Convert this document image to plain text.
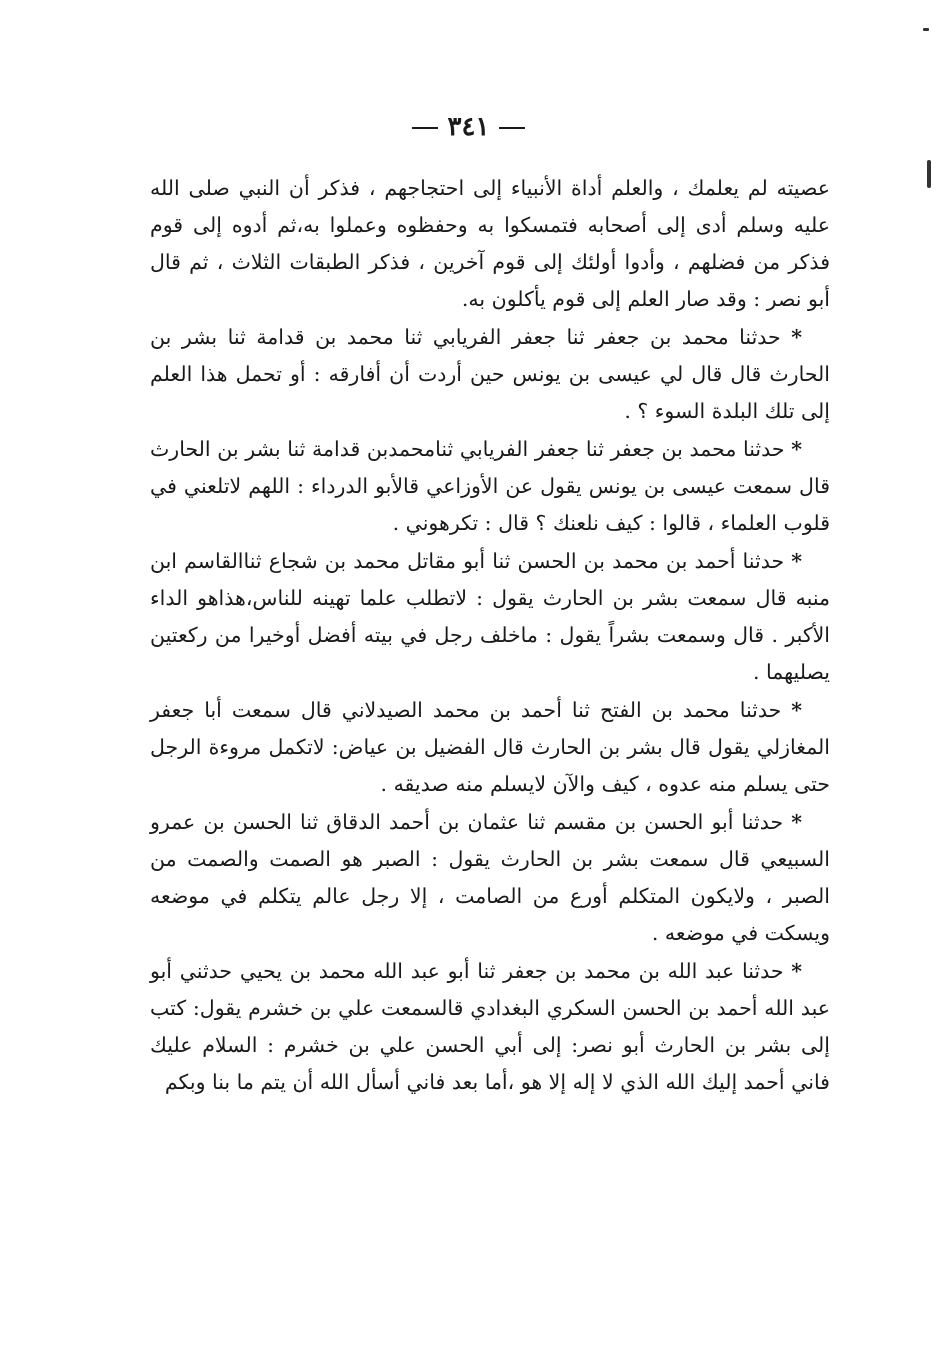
٣٤١

عصيته لم يعلمك ، والعلم أداة الأنبياء إلى احتجاجهم ، فذكر أن النبي صلى الله عليه وسلم أدى إلى أصحابه فتمسكوا به وحفظوه وعملوا به،ثم أدوه إلى قوم فذكر من فضلهم ، وأدوا أولئك إلى قوم آخرين ، فذكر الطبقات الثلاث ، ثم قال أبو نصر : وقد صار العلم إلى قوم يأكلون به.

* حدثنا محمد بن جعفر ثنا جعفر الفريابي ثنا محمد بن قدامة ثنا بشر بن الحارث قال قال لي عيسى بن يونس حين أردت أن أفارقه : أو تحمل هذا العلم إلى تلك البلدة السوء ؟ .

* حدثنا محمد بن جعفر ثنا جعفر الفريابي ثنامحمدبن قدامة ثنا بشر بن الحارث قال سمعت عيسى بن يونس يقول عن الأوزاعي قالأبو الدرداء : اللهم لاتلعني في قلوب العلماء ، قالوا : كيف نلعنك ؟ قال : تكرهوني .

* حدثنا أحمد بن محمد بن الحسن ثنا أبو مقاتل محمد بن شجاع ثناالقاسم ابن منبه قال سمعت بشر بن الحارث يقول : لاتطلب علما تهينه للناس،هذاهو الداء الأكبر . قال وسمعت بشراً يقول : ماخلف رجل في بيته أفضل أوخيرا من ركعتين يصليهما .

* حدثنا محمد بن الفتح ثنا أحمد بن محمد الصيدلاني قال سمعت أبا جعفر المغازلي يقول قال بشر بن الحارث قال الفضيل بن عياض: لاتكمل مروءة الرجل حتى يسلم منه عدوه ، كيف والآن لايسلم منه صديقه .

* حدثنا أبو الحسن بن مقسم ثنا عثمان بن أحمد الدقاق ثنا الحسن بن عمرو السبيعي قال سمعت بشر بن الحارث يقول : الصبر هو الصمت والصمت من الصبر ، ولايكون المتكلم أورع من الصامت ، إلا رجل عالم يتكلم في موضعه ويسكت في موضعه .

* حدثنا عبد الله بن محمد بن جعفر ثنا أبو عبد الله محمد بن يحيي حدثني أبو عبد الله أحمد بن الحسن السكري البغدادي قالسمعت علي بن خشرم يقول: كتب إلى بشر بن الحارث أبو نصر: إلى أبي الحسن علي بن خشرم : السلام عليك فاني أحمد إليك الله الذي لا إله إلا هو ،أما بعد فاني أسأل الله أن يتم ما بنا وبكم
